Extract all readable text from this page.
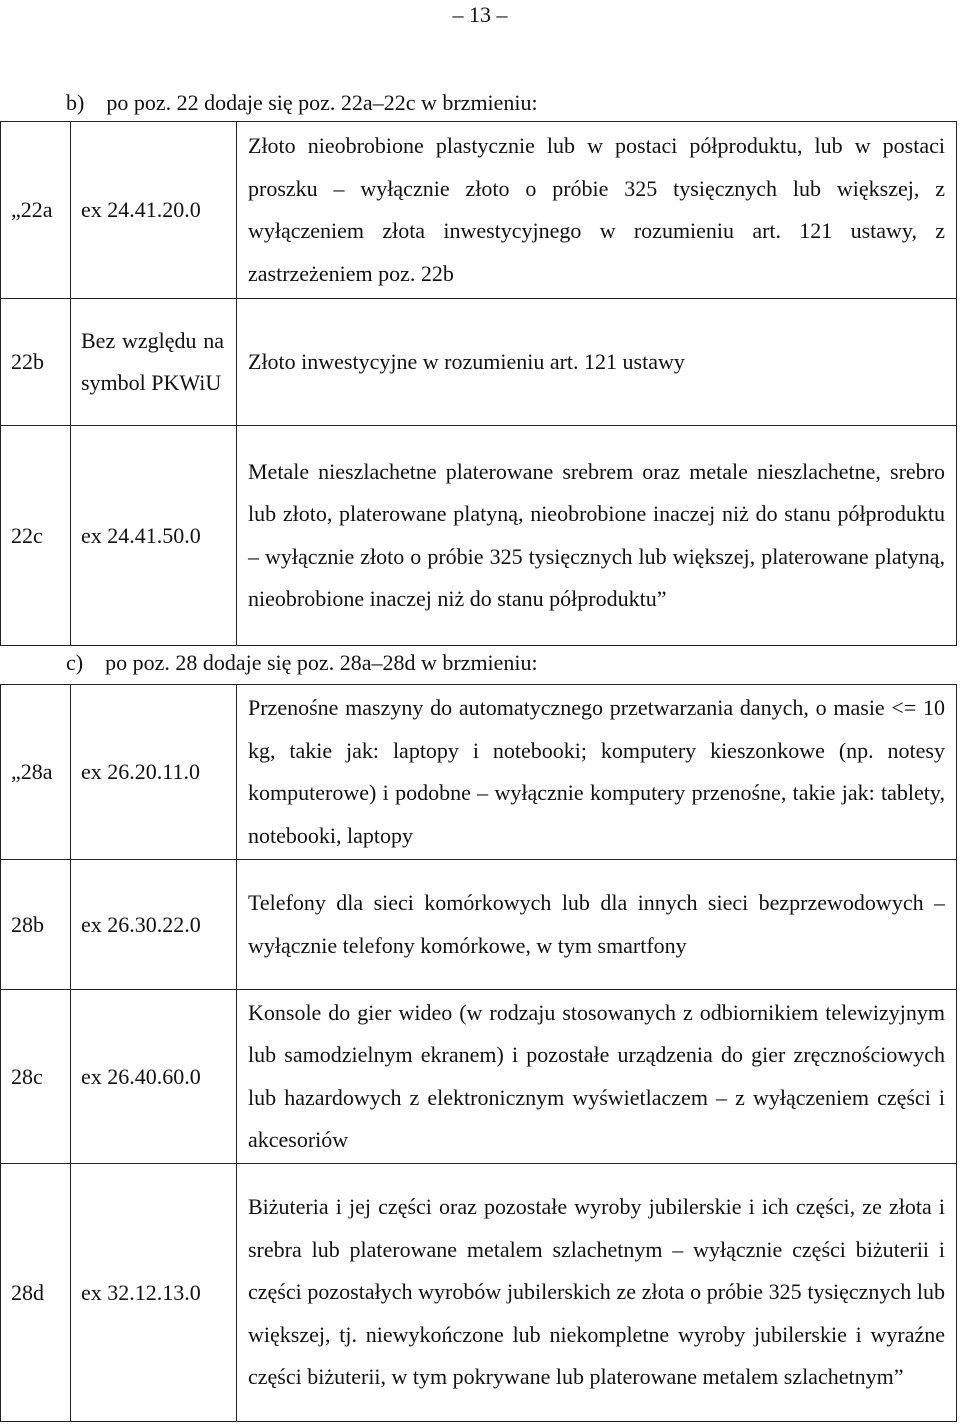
– 13 –
b)    po poz. 22 dodaje się poz. 22a–22c w brzmieniu:
„22a	ex 24.41.20.0	Złoto nieobrobione plastycznie lub w postaci półproduktu, lub w postaci proszku – wyłącznie złoto o próbie 325 tysięcznych lub większej, z wyłączeniem złota inwestycyjnego w rozumieniu art. 121 ustawy, z zastrzeżeniem poz. 22b
22b	Bez względu na symbol PKWiU	Złoto inwestycyjne w rozumieniu art. 121 ustawy
22c	ex 24.41.50.0	Metale nieszlachetne platerowane srebrem oraz metale nieszlachetne, srebro lub złoto, platerowane platyną, nieobrobione inaczej niż do stanu półproduktu – wyłącznie złoto o próbie 325 tysięcznych lub większej, platerowane platyną, nieobrobione inaczej niż do stanu półproduktu”
c)    po poz. 28 dodaje się poz. 28a–28d w brzmieniu:
„28a	ex 26.20.11.0	Przenośne maszyny do automatycznego przetwarzania danych, o masie <= 10 kg, takie jak: laptopy i notebooki; komputery kieszonkowe (np. notesy komputerowe) i podobne – wyłącznie komputery przenośne, takie jak: tablety, notebooki, laptopy
28b	ex 26.30.22.0	Telefony dla sieci komórkowych lub dla innych sieci bezprzewodowych – wyłącznie telefony komórkowe, w tym smartfony
28c	ex 26.40.60.0	Konsole do gier wideo (w rodzaju stosowanych z odbiornikiem telewizyjnym lub samodzielnym ekranem) i pozostałe urządzenia do gier zręcznościowych lub hazardowych z elektronicznym wyświetlaczem – z wyłączeniem części i akcesoriów
28d	ex 32.12.13.0	Biżuteria i jej części oraz pozostałe wyroby jubilerskie i ich części, ze złota i srebra lub platerowane metalem szlachetnym – wyłącznie części biżuterii i części pozostałych wyrobów jubilerskich ze złota o próbie 325 tysięcznych lub większej, tj. niewykończone lub niekompletne wyroby jubilerskie i wyraźne części biżuterii, w tym pokrywane lub platerowane metalem szlachetnym”
